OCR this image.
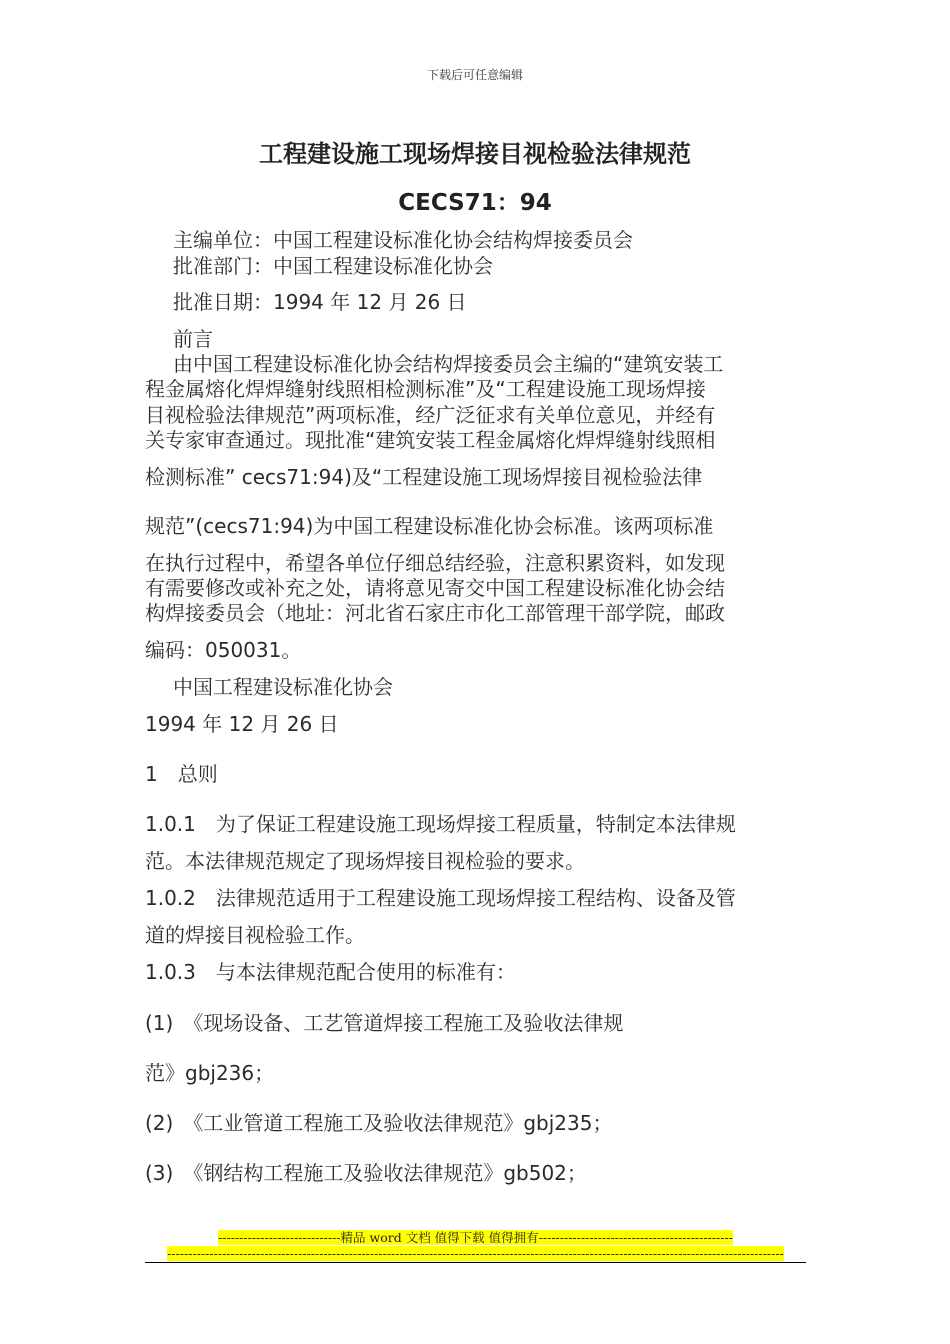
下载后可任意编辑
工程建设施工现场焊接目视检验法律规范
CECS71：94
主编单位：中国工程建设标准化协会结构焊接委员会
批准部门：中国工程建设标准化协会
批准日期：1994 年 12 月 26 日
前言
由中国工程建设标准化协会结构焊接委员会主编的“建筑安装工
程金属熔化焊焊缝射线照相检测标准”及“工程建设施工现场焊接
目视检验法律规范”两项标准，经广泛征求有关单位意见，并经有
关专家审查通过。现批准“建筑安装工程金属熔化焊焊缝射线照相
检测标准” cecs71:94)及“工程建设施工现场焊接目视检验法律
规范”(cecs71:94)为中国工程建设标准化协会标准。该两项标准
在执行过程中，希望各单位仔细总结经验，注意积累资料，如发现
有需要修改或补充之处，请将意见寄交中国工程建设标准化协会结
构焊接委员会（地址：河北省石家庄市化工部管理干部学院，邮政
编码：050031。
中国工程建设标准化协会
1994 年 12 月 26 日
1　总则
1.0.1　为了保证工程建设施工现场焊接工程质量，特制定本法律规
范。本法律规范规定了现场焊接目视检验的要求。
1.0.2　法律规范适用于工程建设施工现场焊接工程结构、设备及管
道的焊接目视检验工作。
1.0.3　与本法律规范配合使用的标准有：
(1)　《现场设备、工艺管道焊接工程施工及验收法律规
范》gbj236；
(2)　《工业管道工程施工及验收法律规范》gbj235；
(3)　《钢结构工程施工及验收法律规范》gb502；
-----------------------------精品 word 文档 值得下载 值得拥有----------------------------------------------
--------------------------------------------------------------------------------------------------------------------------------------------------
